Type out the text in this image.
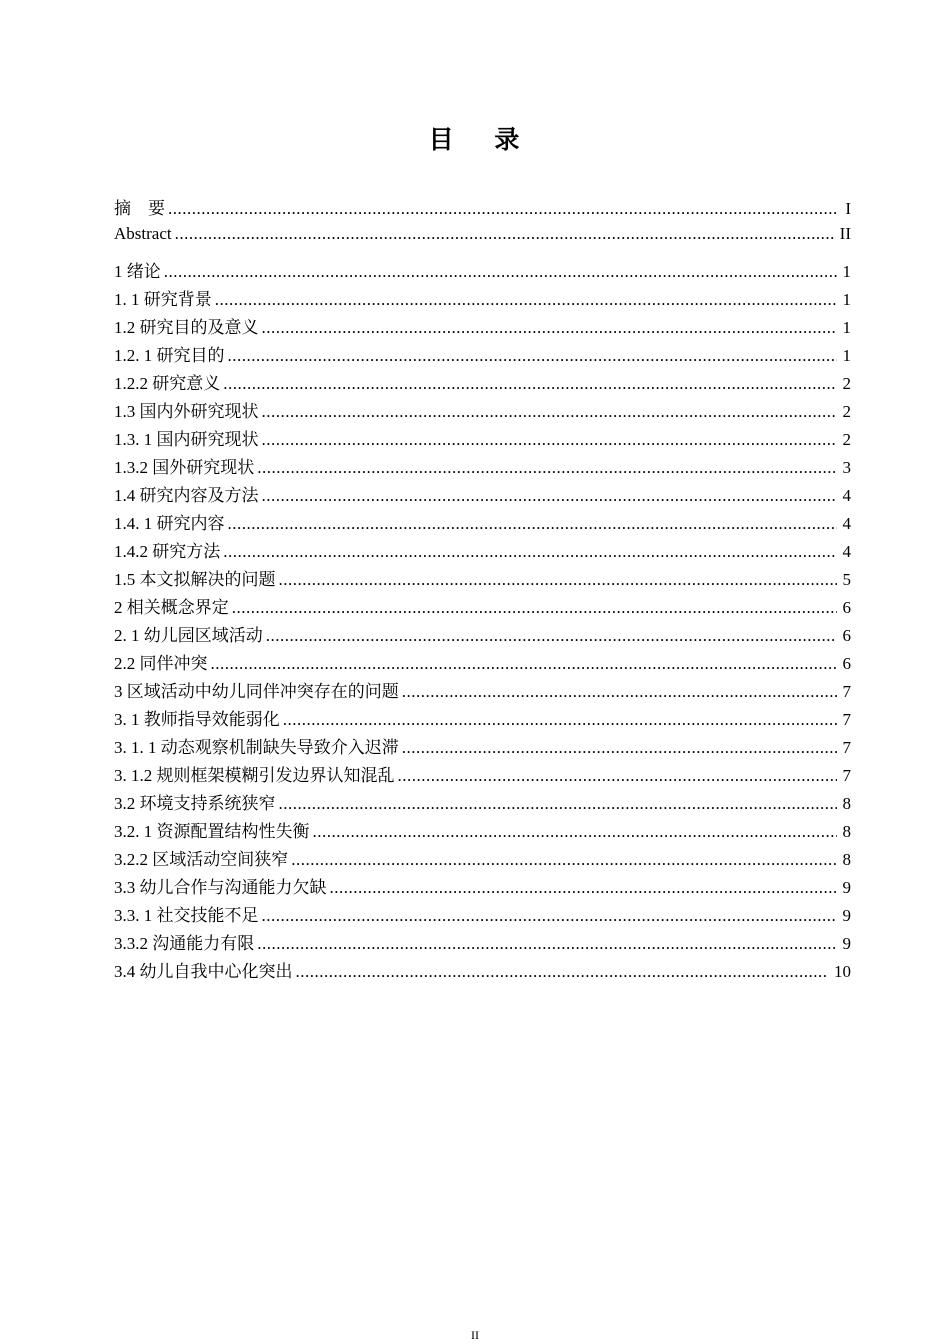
目 录
摘　要 .....	I
Abstract .....	II
1 绪论 .....	1
1. 1 研究背景 .....	1
1.2 研究目的及意义 .....	1
1.2. 1 研究目的 .....	1
1.2.2 研究意义 .....	2
1.3 国内外研究现状 .....	2
1.3. 1 国内研究现状 .....	2
1.3.2 国外研究现状 .....	3
1.4 研究内容及方法 .....	4
1.4. 1 研究内容 .....	4
1.4.2 研究方法 .....	4
1.5 本文拟解决的问题 .....	5
2 相关概念界定 .....	6
2. 1 幼儿园区域活动 .....	6
2.2 同伴冲突 .....	6
3 区域活动中幼儿同伴冲突存在的问题 .....	7
3. 1 教师指导效能弱化 .....	7
3. 1. 1 动态观察机制缺失导致介入迟滞 .....	7
3. 1.2 规则框架模糊引发边界认知混乱 .....	7
3.2 环境支持系统狭窄 .....	8
3.2. 1 资源配置结构性失衡 .....	8
3.2.2 区域活动空间狭窄 .....	8
3.3 幼儿合作与沟通能力欠缺 .....	9
3.3. 1 社交技能不足 .....	9
3.3.2 沟通能力有限 .....	9
3.4 幼儿自我中心化突出 .....	10
II
